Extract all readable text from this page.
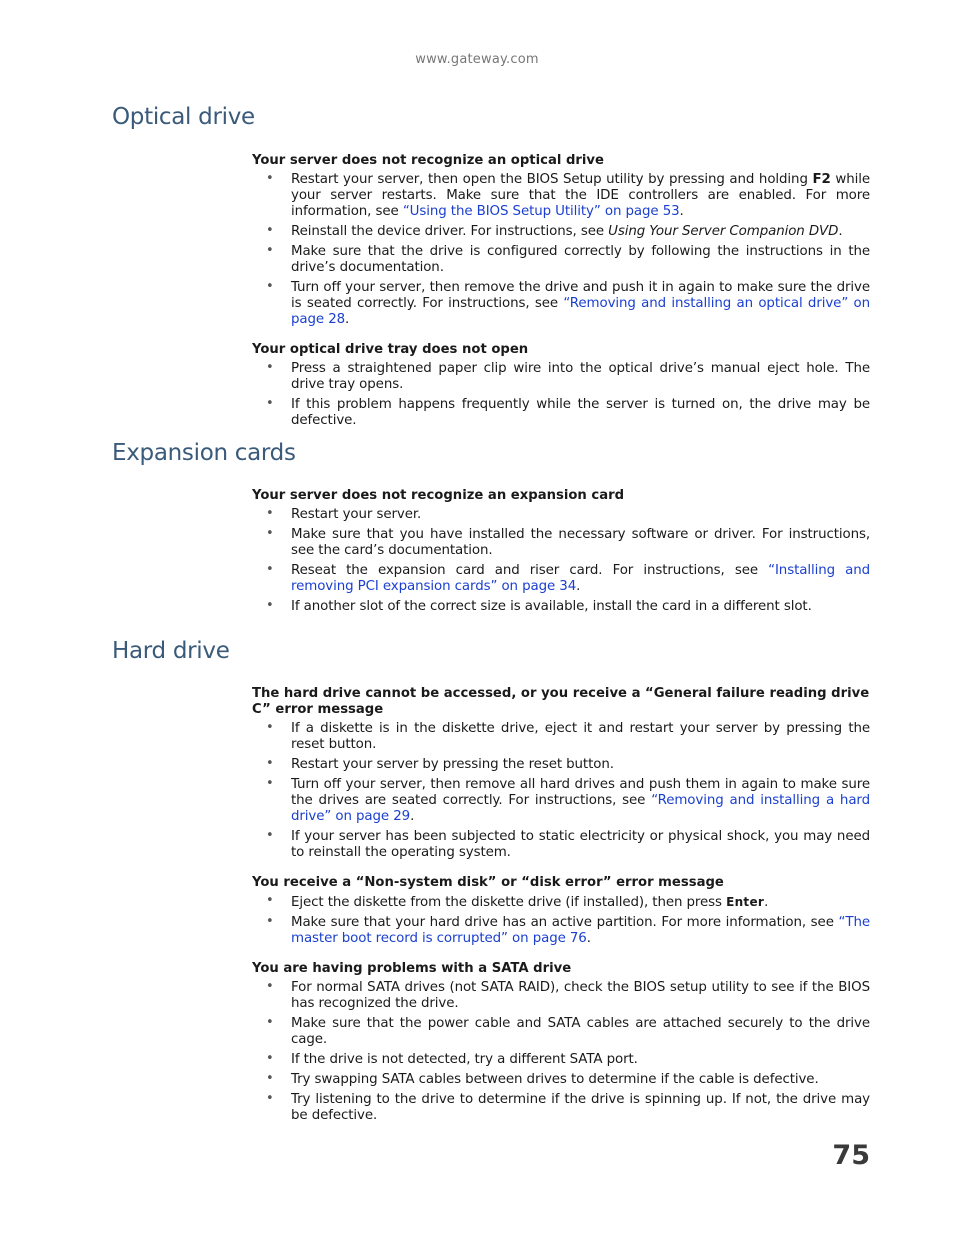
www.gateway.com
Optical drive

Your server does not recognize an optical drive

• Restart your server, then open the BIOS Setup utility by pressing and holding F2 while your server restarts. Make sure that the IDE controllers are enabled. For more information, see “Using the BIOS Setup Utility” on page 53.
• Reinstall the device driver. For instructions, see Using Your Server Companion DVD.
• Make sure that the drive is configured correctly by following the instructions in the drive’s documentation.
• Turn off your server, then remove the drive and push it in again to make sure the drive is seated correctly. For instructions, see “Removing and installing an optical drive” on page 28.

Your optical drive tray does not open

• Press a straightened paper clip wire into the optical drive’s manual eject hole. The drive tray opens.
• If this problem happens frequently while the server is turned on, the drive may be defective.
Expansion cards

Your server does not recognize an expansion card

• Restart your server.
• Make sure that you have installed the necessary software or driver. For instructions, see the card’s documentation.
• Reseat the expansion card and riser card. For instructions, see “Installing and removing PCI expansion cards” on page 34.
• If another slot of the correct size is available, install the card in a different slot.
Hard drive

The hard drive cannot be accessed, or you receive a “General failure reading drive C” error message

• If a diskette is in the diskette drive, eject it and restart your server by pressing the reset button.
• Restart your server by pressing the reset button.
• Turn off your server, then remove all hard drives and push them in again to make sure the drives are seated correctly. For instructions, see “Removing and installing a hard drive” on page 29.
• If your server has been subjected to static electricity or physical shock, you may need to reinstall the operating system.

You receive a “Non-system disk” or “disk error” error message

• Eject the diskette from the diskette drive (if installed), then press Enter.
• Make sure that your hard drive has an active partition. For more information, see “The master boot record is corrupted” on page 76.

You are having problems with a SATA drive

• For normal SATA drives (not SATA RAID), check the BIOS setup utility to see if the BIOS has recognized the drive.
• Make sure that the power cable and SATA cables are attached securely to the drive cage.
• If the drive is not detected, try a different SATA port.
• Try swapping SATA cables between drives to determine if the cable is defective.
• Try listening to the drive to determine if the drive is spinning up. If not, the drive may be defective.
75
